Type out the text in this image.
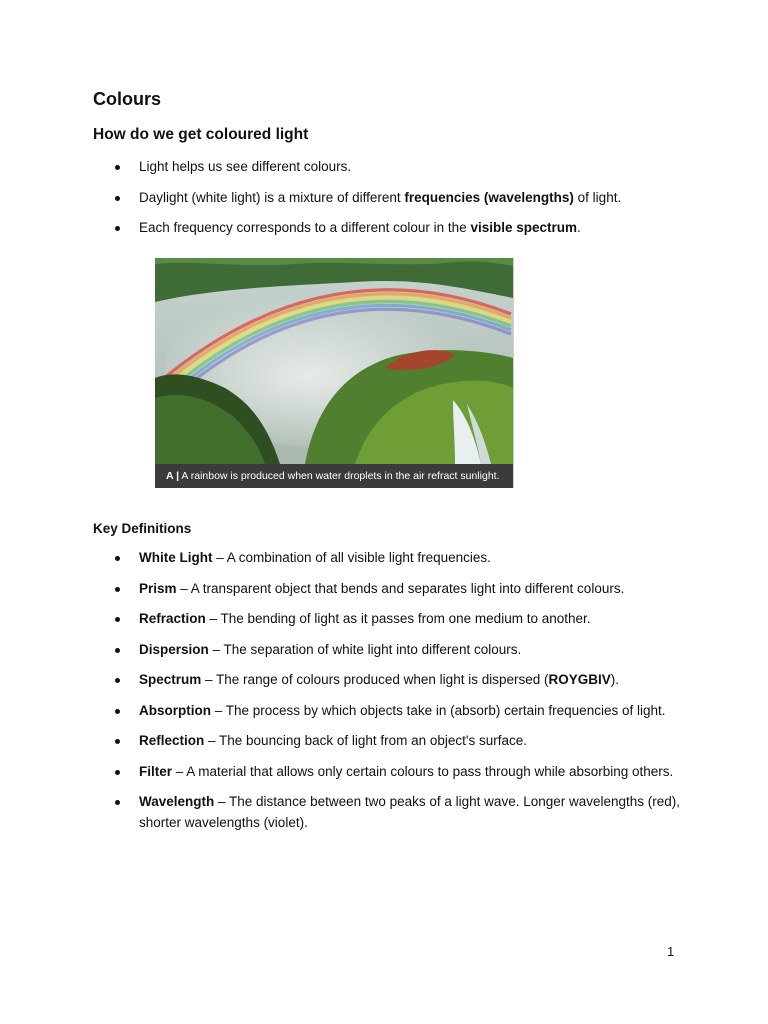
Colours
How do we get coloured light
Light helps us see different colours.
Daylight (white light) is a mixture of different frequencies (wavelengths) of light.
Each frequency corresponds to a different colour in the visible spectrum.
A | A rainbow is produced when water droplets in the air refract sunlight.
Key Definitions
White Light – A combination of all visible light frequencies.
Prism – A transparent object that bends and separates light into different colours.
Refraction – The bending of light as it passes from one medium to another.
Dispersion – The separation of white light into different colours.
Spectrum – The range of colours produced when light is dispersed (ROYGBIV).
Absorption – The process by which objects take in (absorb) certain frequencies of light.
Reflection – The bouncing back of light from an object's surface.
Filter – A material that allows only certain colours to pass through while absorbing others.
Wavelength – The distance between two peaks of a light wave. Longer wavelengths (red), shorter wavelengths (violet).
1
